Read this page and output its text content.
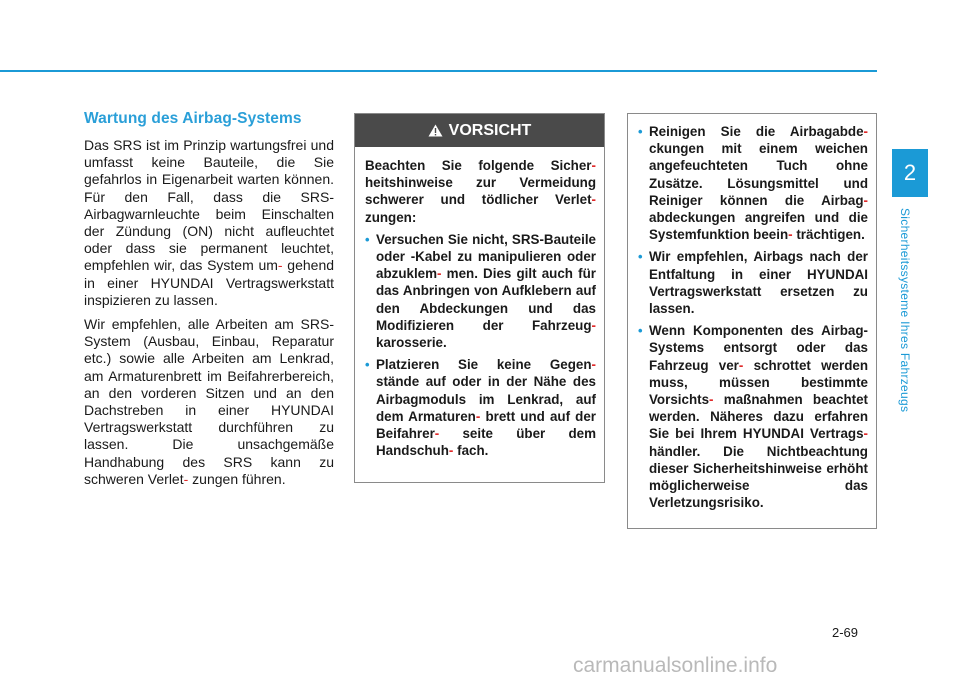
Wartung des Airbag-Systems

Das SRS ist im Prinzip wartungsfrei und umfasst keine Bauteile, die Sie gefahrlos in Eigenarbeit warten können. Für den Fall, dass die SRS-Airbagwarnleuchte beim Einschalten der Zündung (ON) nicht aufleuchtet oder dass sie permanent leuchtet, empfehlen wir, das System um- gehend in einer HYUNDAI Vertragswerkstatt inspizieren zu lassen.

Wir empfehlen, alle Arbeiten am SRS-System (Ausbau, Einbau, Reparatur etc.) sowie alle Arbeiten am Lenkrad, am Armaturenbrett im Beifahrerbereich, an den vorderen Sitzen und an den Dachstreben in einer HYUNDAI Vertragswerkstatt durchführen zu lassen. Die unsachgemäße Handhabung des SRS kann zu schweren Verlet- zungen führen.

VORSICHT

Beachten Sie folgende Sicher- heitshinweise zur Vermeidung schwerer und tödlicher Verlet- zungen:

• Versuchen Sie nicht, SRS-Bauteile oder -Kabel zu manipulieren oder abzuklem- men. Dies gilt auch für das Anbringen von Aufklebern auf den Abdeckungen und das Modifizieren der Fahrzeug- karosserie.
• Platzieren Sie keine Gegen- stände auf oder in der Nähe des Airbagmoduls im Lenkrad, auf dem Armaturen- brett und auf der Beifahrer- seite über dem Handschuh- fach.
• Reinigen Sie die Airbagabde- ckungen mit einem weichen angefeuchteten Tuch ohne Zusätze. Lösungsmittel und Reiniger können die Airbag- abdeckungen angreifen und die Systemfunktion beein- trächtigen.
• Wir empfehlen, Airbags nach der Entfaltung in einer HYUNDAI Vertragswerkstatt ersetzen zu lassen.
• Wenn Komponenten des Airbag- Systems entsorgt oder das Fahrzeug ver- schrottet werden muss, müssen bestimmte Vorsichts- maßnahmen beachtet werden. Näheres dazu erfahren Sie bei Ihrem HYUNDAI Vertrags- händler. Die Nichtbeachtung dieser Sicherheitshinweise erhöht möglicherweise das Verletzungsrisiko.
2
Sicherheitssysteme Ihres Fahrzeugs
2-69
carmanualsonline.info
